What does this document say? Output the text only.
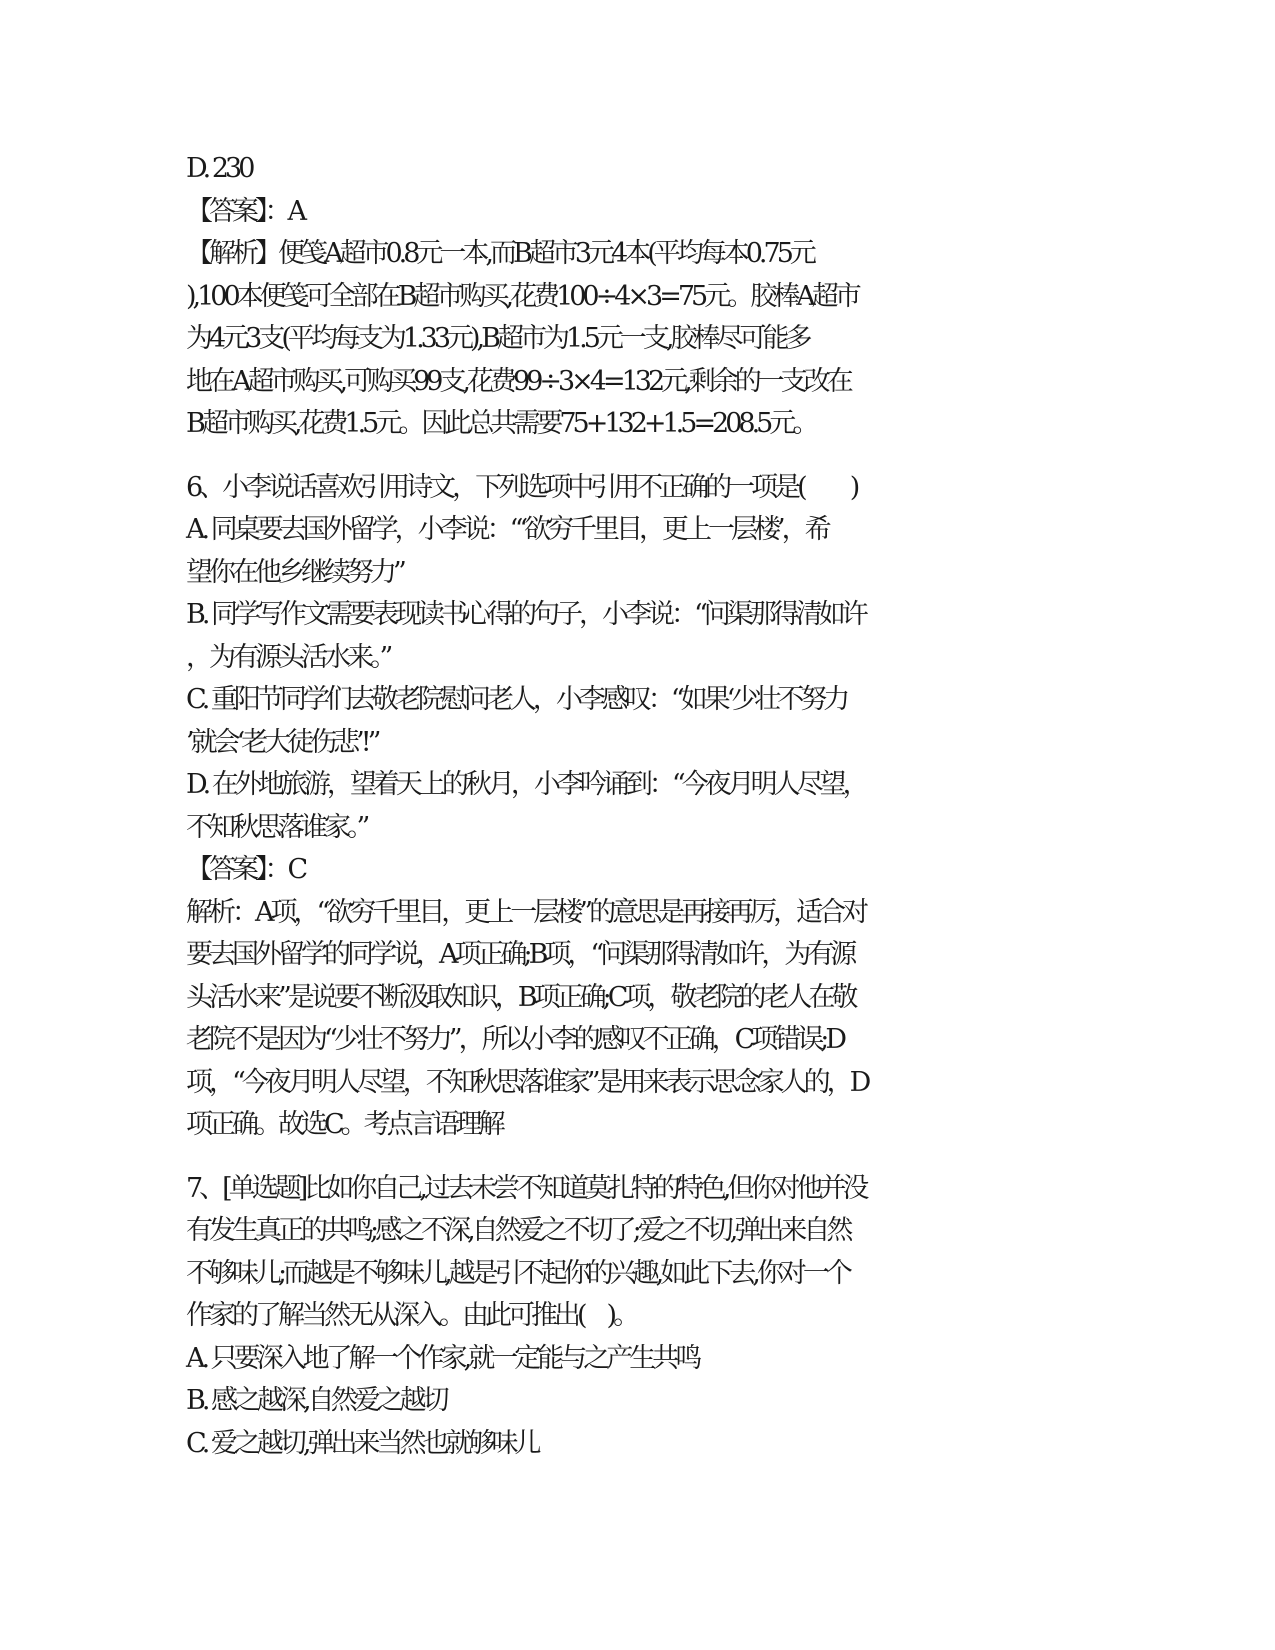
D. 230
【答案】：A
【解析】便笺A超市0.8元一本,而B超市3元4本(平均每本0.75元
),100本便笺可全部在B超市购买,花费100÷4×3=75元。胶棒A超市
为4元3支(平均每支为1.33元),B超市为1.5元一支,胶棒尽可能多
地在A超市购买,可购买99支,花费99÷3×4=132元,剩余的一支改在
B超市购买,花费1.5元。因此总共需要75+132+1.5=208.5元。
6、小李说话喜欢引用诗文，下列选项中引用不正确的一项是(　　)
A. 同桌要去国外留学，小李说：“‘欲穷千里目，更上一层楼’，希
望你在他乡继续努力”
B. 同学写作文需要表现读书心得的句子，小李说：“问渠那得清如许
，为有源头活水来。”
C. 重阳节同学们去敬老院慰问老人，小李感叹：“如果‘少壮不努力
’就会‘老大徒伤悲’!”
D. 在外地旅游，望着天上的秋月，小李吟诵到：“今夜月明人尽望，
不知秋思落谁家。”
【答案】：C
解析：A项，“欲穷千里目，更上一层楼”的意思是再接再厉，适合对
要去国外留学的同学说，A项正确;B项，“问渠那得清如许，为有源
头活水来”是说要不断汲取知识，B项正确;C项，敬老院的老人在敬
老院不是因为“少壮不努力”，所以小李的感叹不正确，C项错误;D
项，“今夜月明人尽望，不知秋思落谁家”是用来表示思念家人的，D
项正确。故选C。考点言语理解
7、[单选题]比如你自己,过去未尝不知道莫扎特的特色,但你对他并没
有发生真正的共鸣;感之不深,自然爱之不切了;爱之不切,弹出来自然
不够味儿;而越是不够味儿,越是引不起你的兴趣,如此下去,你对一个
作家的了解当然无从深入。由此可推出(　)。
A. 只要深入地了解一个作家,就一定能与之产生共鸣
B. 感之越深,自然爱之越切
C. 爱之越切,弹出来当然也就够味儿
